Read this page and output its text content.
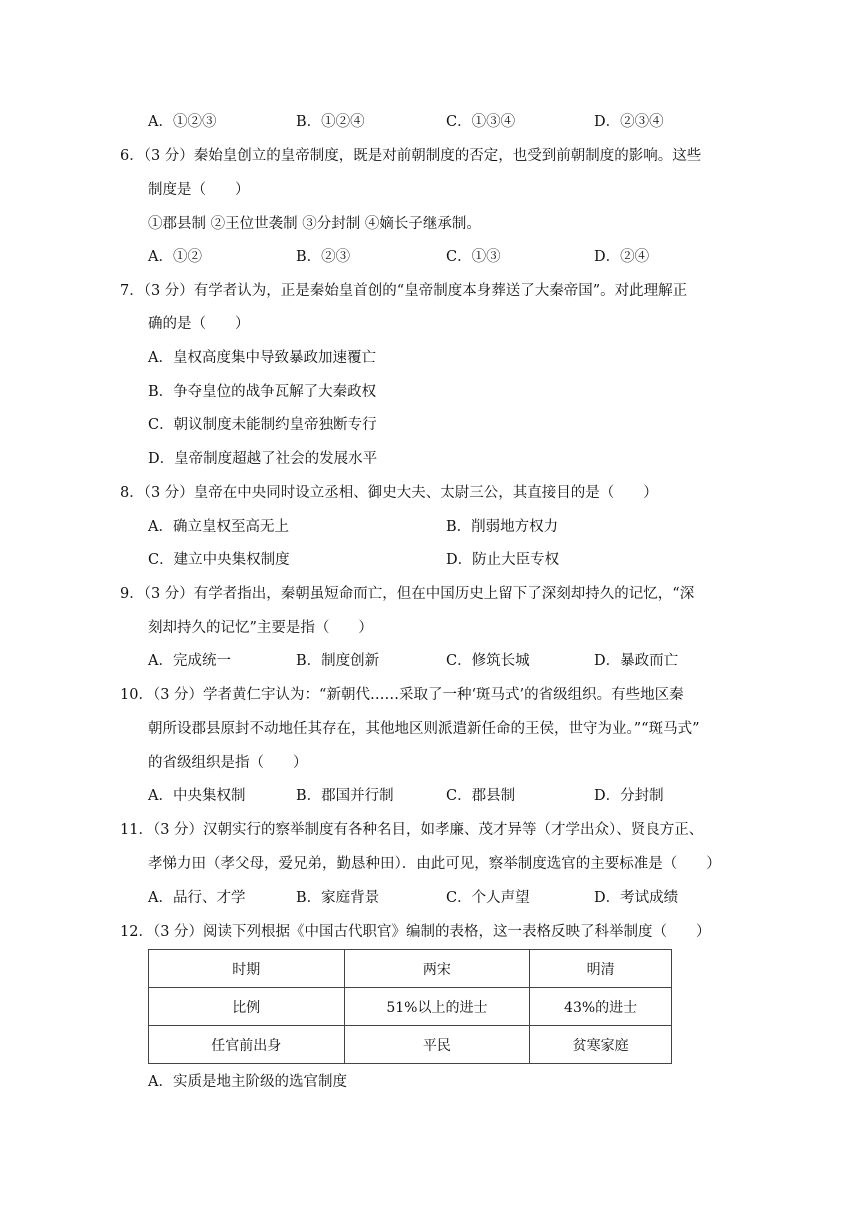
A．①②③	B．①②④	C．①③④	D．②③④
6．（3 分）秦始皇创立的皇帝制度，既是对前朝制度的否定，也受到前朝制度的影响。这些
制度是（　　）
①郡县制 ②王位世袭制 ③分封制 ④嫡长子继承制。
A．①②	B．②③	C．①③	D．②④
7．（3 分）有学者认为，正是秦始皇首创的“皇帝制度本身葬送了大秦帝国”。对此理解正
确的是（　　）
A．皇权高度集中导致暴政加速覆亡
B．争夺皇位的战争瓦解了大秦政权
C．朝议制度未能制约皇帝独断专行
D．皇帝制度超越了社会的发展水平
8．（3 分）皇帝在中央同时设立丞相、御史大夫、太尉三公，其直接目的是（　　）
A．确立皇权至高无上	B．削弱地方权力
C．建立中央集权制度	D．防止大臣专权
9．（3 分）有学者指出，秦朝虽短命而亡，但在中国历史上留下了深刻却持久的记忆，“深
刻却持久的记忆”主要是指（　　）
A．完成统一	B．制度创新	C．修筑长城	D．暴政而亡
10．（3 分）学者黄仁宇认为：“新朝代……采取了一种‘斑马式’的省级组织。有些地区秦
朝所设郡县原封不动地任其存在，其他地区则派遣新任命的王侯，世守为业。”“斑马式”
的省级组织是指（　　）
A．中央集权制	B．郡国并行制	C．郡县制	D．分封制
11．（3 分）汉朝实行的察举制度有各种名目，如孝廉、茂才异等（才学出众）、贤良方正、
孝悌力田（孝父母，爱兄弟，勤恳种田）．由此可见，察举制度选官的主要标准是（　　）
A．品行、才学	B．家庭背景	C．个人声望	D．考试成绩
12．（3 分）阅读下列根据《中国古代职官》编制的表格，这一表格反映了科举制度（　　）
时期	两宋	明清
比例	51%以上的进士	43%的进士
任官前出身	平民	贫寒家庭
A．实质是地主阶级的选官制度
